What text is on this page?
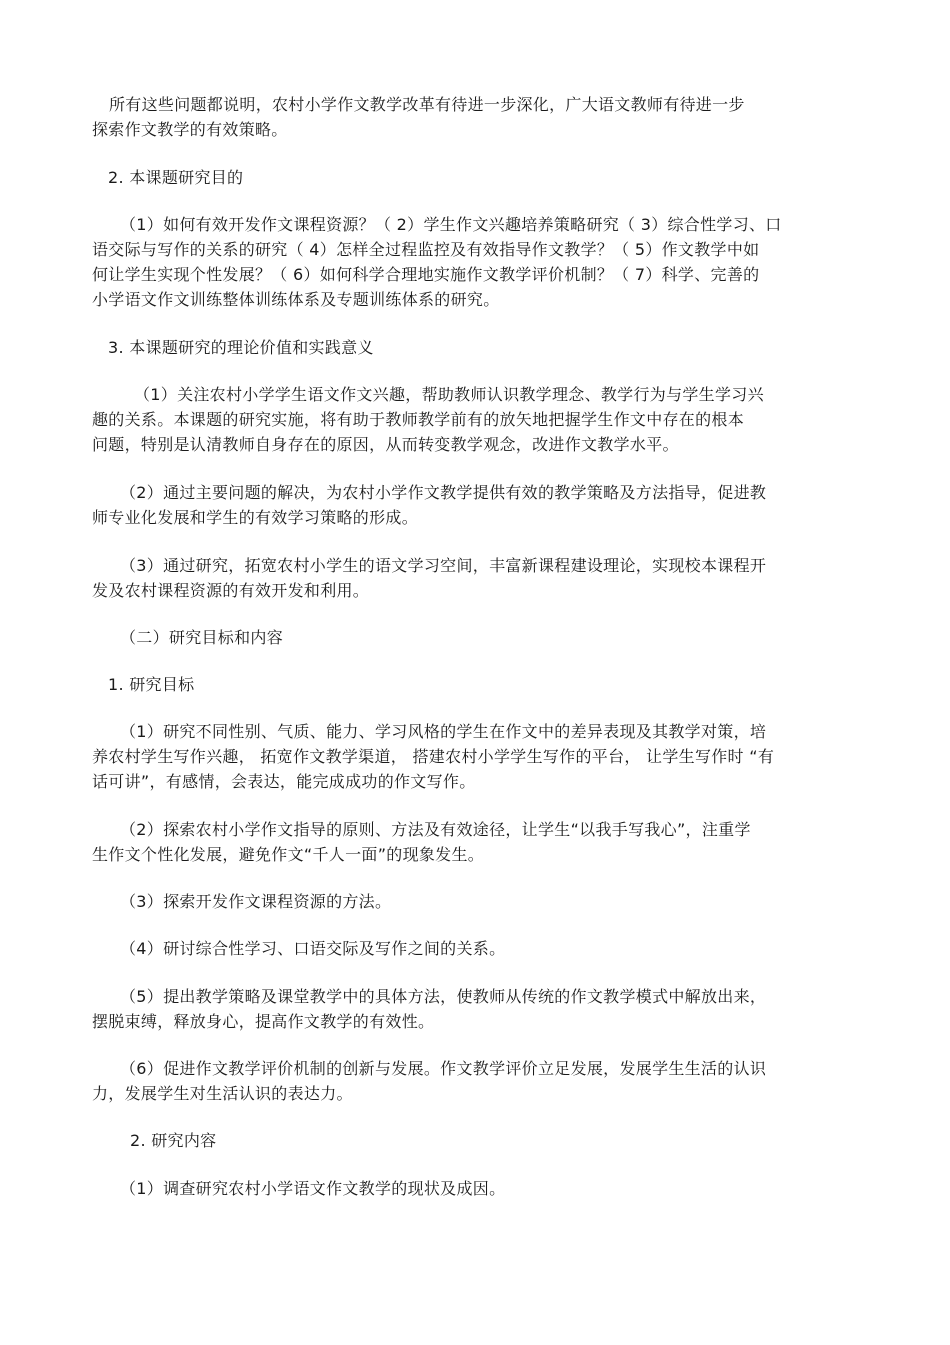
所有这些问题都说明，农村小学作文教学改革有待进一步深化，广大语文教师有待进一步
探索作文教学的有效策略。
2. 本课题研究目的
（1）如何有效开发作文课程资源？（ 2）学生作文兴趣培养策略研究（ 3）综合性学习、口
语交际与写作的关系的研究（ 4）怎样全过程监控及有效指导作文教学？（ 5）作文教学中如
何让学生实现个性发展？（ 6）如何科学合理地实施作文教学评价机制？（ 7）科学、完善的
小学语文作文训练整体训练体系及专题训练体系的研究。
3. 本课题研究的理论价值和实践意义
（1）关注农村小学学生语文作文兴趣，帮助教师认识教学理念、教学行为与学生学习兴
趣的关系。本课题的研究实施，将有助于教师教学前有的放矢地把握学生作文中存在的根本
问题，特别是认清教师自身存在的原因，从而转变教学观念，改进作文教学水平。
（2）通过主要问题的解决，为农村小学作文教学提供有效的教学策略及方法指导，促进教
师专业化发展和学生的有效学习策略的形成。
（3）通过研究，拓宽农村小学生的语文学习空间，丰富新课程建设理论，实现校本课程开
发及农村课程资源的有效开发和利用。
（二）研究目标和内容
1. 研究目标
（1）研究不同性别、气质、能力、学习风格的学生在作文中的差异表现及其教学对策，培
养农村学生写作兴趣， 拓宽作文教学渠道， 搭建农村小学学生写作的平台， 让学生写作时 “有
话可讲”，有感情，会表达，能完成成功的作文写作。
（2）探索农村小学作文指导的原则、方法及有效途径，让学生“以我手写我心”，注重学
生作文个性化发展，避免作文“千人一面”的现象发生。
（3）探索开发作文课程资源的方法。
（4）研讨综合性学习、口语交际及写作之间的关系。
（5）提出教学策略及课堂教学中的具体方法，使教师从传统的作文教学模式中解放出来，
摆脱束缚，释放身心，提高作文教学的有效性。
（6）促进作文教学评价机制的创新与发展。作文教学评价立足发展，发展学生生活的认识
力，发展学生对生活认识的表达力。
2. 研究内容
（1）调查研究农村小学语文作文教学的现状及成因。
